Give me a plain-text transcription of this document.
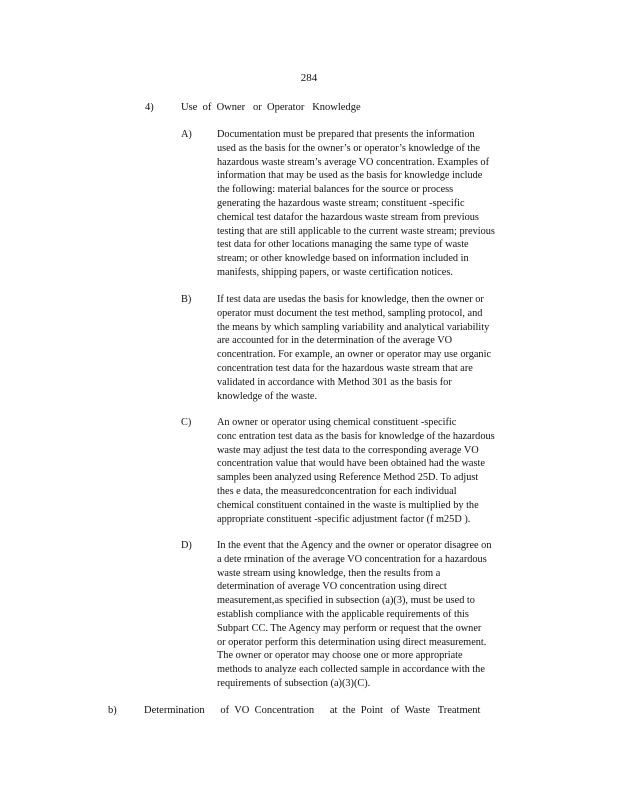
284

4)

	Use  of  Owner   or  Operator   Knowledge

A) Documentation must be prepared that presents the information

used as the basis for the owner’s or operator’s knowledge of the

hazardous waste stream’s average VO concentration. Examples of

information that may be used as the basis for knowledge include

the following: material balances for the source or process

generating the hazardous waste stream; constituent -specific

chemical test datafor the hazardous waste stream from previous

testing that are still applicable to the current waste stream; previous

test data for other locations managing the same type of waste

stream; or other knowledge based on information included in

manifests, shipping papers, or waste certification notices.

B) If test data are usedas the basis for knowledge, then the owner or

operator must document the test method, sampling protocol, and

the means by which sampling variability and analytical variability

are accounted for in the determination of the average VO

concentration. For example, an owner or operator may use organic

concentration test data for the hazardous waste stream that are

validated in accordance with Method 301 as the basis for

knowledge of the waste.

C) An owner or operator using chemical constituent -specific

conc entration test data as the basis for knowledge of the hazardous

waste may adjust the test data to the corresponding average VO

concentration value that would have been obtained had the waste

samples been analyzed using Reference Method 25D. To adjust

thes e data, the measuredconcentration for each individual

chemical constituent contained in the waste is multiplied by the

appropriate constituent -specific adjustment factor (f m25D ).

D) In the event that the Agency and the owner or operator disagree on

a dete rmination of the average VO concentration for a hazardous

waste stream using knowledge, then the results from a

determination of average VO concentration using direct

measurement,as specified in subsection (a)(3), must be used to

establish compliance with the applicable requirements of this

Subpart CC. The Agency may perform or request that the owner

or operator perform this determination using direct measurement.

The owner or operator may choose one or more appropriate

methods to analyze each collected sample in accordance with the

requirements of subsection (a)(3)(C).

b)

	Determination      of  VO  Concentration      at  the  Point   of  Waste   Treatment
